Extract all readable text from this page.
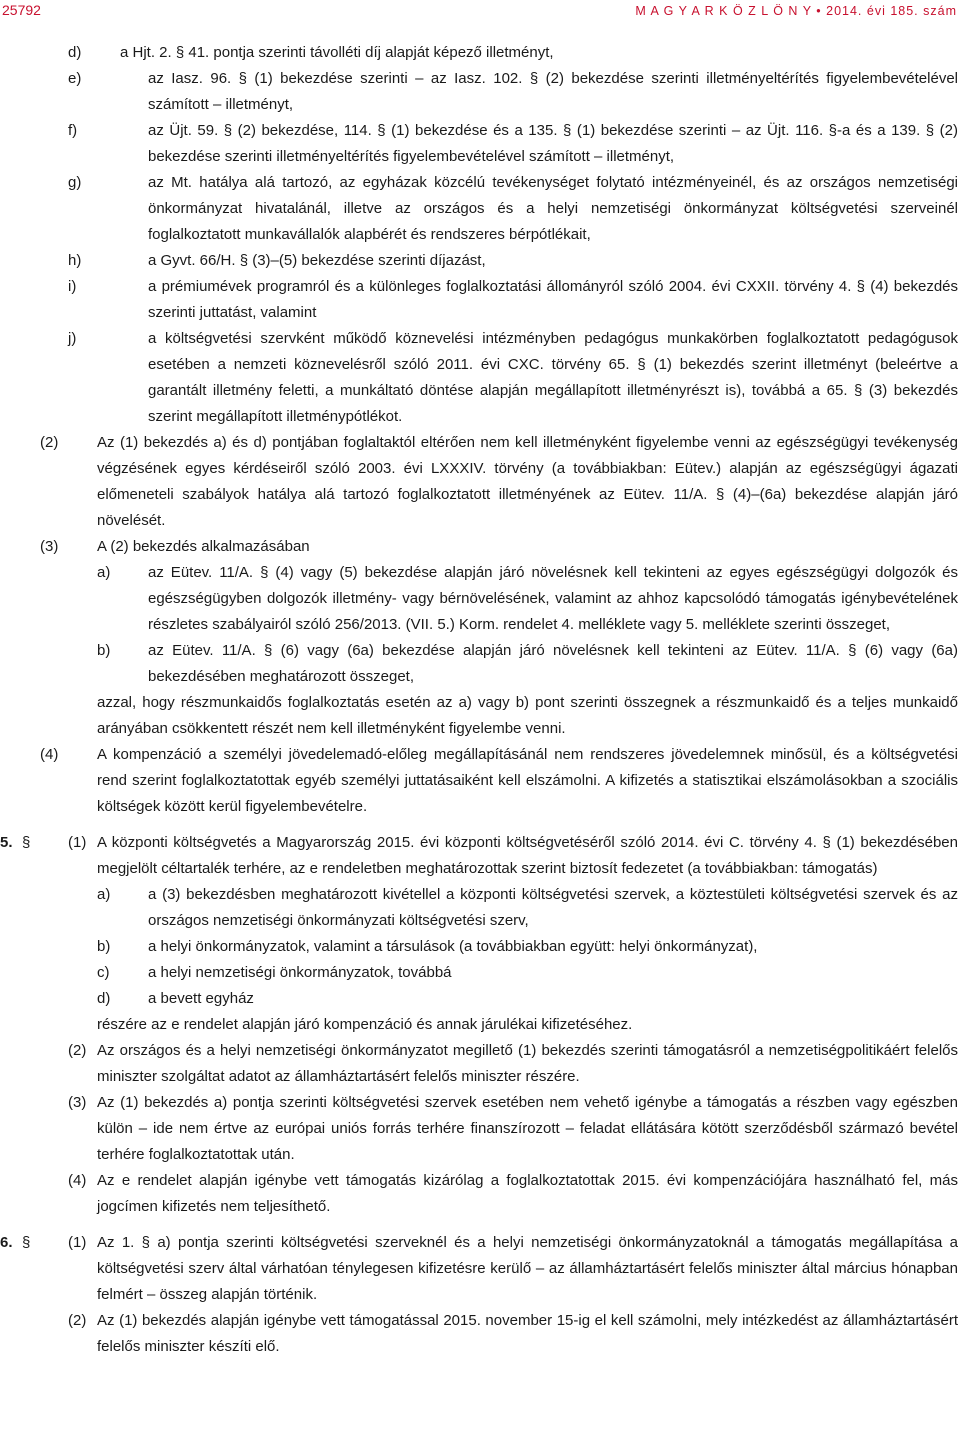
25792	M A G Y A R K Ö Z L Ö N Y • 2014. évi 185. szám
d)	a Hjt. 2. § 41. pontja szerinti távolléti díj alapját képező illetményt,
e)	az Iasz. 96. § (1) bekezdése szerinti – az Iasz. 102. § (2) bekezdése szerinti illetményeltérítés figyelembevételével számított – illetményt,
f)	az Üjt. 59. § (2) bekezdése, 114. § (1) bekezdése és a 135. § (1) bekezdése szerinti – az Üjt. 116. §-a és a 139. § (2) bekezdése szerinti illetményeltérítés figyelembevételével számított – illetményt,
g)	az Mt. hatálya alá tartozó, az egyházak közcélú tevékenységet folytató intézményeinél, és az országos nemzetiségi önkormányzat hivatalánál, illetve az országos és a helyi nemzetiségi önkormányzat költségvetési szerveinél foglalkoztatott munkavállalók alapbérét és rendszeres bérpótlékait,
h)	a Gyvt. 66/H. § (3)–(5) bekezdése szerinti díjazást,
i)	a prémiumévek programról és a különleges foglalkoztatási állományról szóló 2004. évi CXXII. törvény 4. § (4) bekezdés szerinti juttatást, valamint
j)	a költségvetési szervként működő köznevelési intézményben pedagógus munkakörben foglalkoztatott pedagógusok esetében a nemzeti köznevelésről szóló 2011. évi CXC. törvény 65. § (1) bekezdés szerint illetményt (beleértve a garantált illetmény feletti, a munkáltató döntése alapján megállapított illetményrészt is), továbbá a 65. § (3) bekezdés szerint megállapított illetménypótlékot.
(2)	Az (1) bekezdés a) és d) pontjában foglaltaktól eltérően nem kell illetményként figyelembe venni az egészségügyi tevékenység végzésének egyes kérdéseiről szóló 2003. évi LXXXIV. törvény (a továbbiakban: Eütev.) alapján az egészségügyi ágazati előmeneteli szabályok hatálya alá tartozó foglalkoztatott illetményének az Eütev. 11/A. § (4)–(6a) bekezdése alapján járó növelését.
(3)	A (2) bekezdés alkalmazásában
a)	az Eütev. 11/A. § (4) vagy (5) bekezdése alapján járó növelésnek kell tekinteni az egyes egészségügyi dolgozók és egészségügyben dolgozók illetmény- vagy bérnövelésének, valamint az ahhoz kapcsolódó támogatás igénybevételének részletes szabályairól szóló 256/2013. (VII. 5.) Korm. rendelet 4. melléklete vagy 5. melléklete szerinti összeget,
b)	az Eütev. 11/A. § (6) vagy (6a) bekezdése alapján járó növelésnek kell tekinteni az Eütev. 11/A. § (6) vagy (6a) bekezdésében meghatározott összeget,
azzal, hogy részmunkaidős foglalkoztatás esetén az a) vagy b) pont szerinti összegnek a részmunkaidő és a teljes munkaidő arányában csökkentett részét nem kell illetményként figyelembe venni.
(4)	A kompenzáció a személyi jövedelemadó-előleg megállapításánál nem rendszeres jövedelemnek minősül, és a költségvetési rend szerint foglalkoztatottak egyéb személyi juttatásaiként kell elszámolni. A kifizetés a statisztikai elszámolásokban a szociális költségek között kerül figyelembevételre.
5. §	(1) A központi költségvetés a Magyarország 2015. évi központi költségvetéséről szóló 2014. évi C. törvény 4. § (1) bekezdésében megjelölt céltartalék terhére, az e rendeletben meghatározottak szerint biztosít fedezetet (a továbbiakban: támogatás)
a)	a (3) bekezdésben meghatározott kivétellel a központi költségvetési szervek, a köztestületi költségvetési szervek és az országos nemzetiségi önkormányzati költségvetési szerv,
b)	a helyi önkormányzatok, valamint a társulások (a továbbiakban együtt: helyi önkormányzat),
c)	a helyi nemzetiségi önkormányzatok, továbbá
d)	a bevett egyház
részére az e rendelet alapján járó kompenzáció és annak járulékai kifizetéséhez.
(2) Az országos és a helyi nemzetiségi önkormányzatot megillető (1) bekezdés szerinti támogatásról a nemzetiségpolitikáért felelős miniszter szolgáltat adatot az államháztartásért felelős miniszter részére.
(3) Az (1) bekezdés a) pontja szerinti költségvetési szervek esetében nem vehető igénybe a támogatás a részben vagy egészben külön – ide nem értve az európai uniós forrás terhére finanszírozott – feladat ellátására kötött szerződésből származó bevétel terhére foglalkoztatottak után.
(4) Az e rendelet alapján igénybe vett támogatás kizárólag a foglalkoztatottak 2015. évi kompenzációjára használható fel, más jogcímen kifizetés nem teljesíthető.
6. §	(1) Az 1. § a) pontja szerinti költségvetési szerveknél és a helyi nemzetiségi önkormányzatoknál a támogatás megállapítása a költségvetési szerv által várhatóan ténylegesen kifizetésre kerülő – az államháztartásért felelős miniszter által március hónapban felmért – összeg alapján történik.
(2) Az (1) bekezdés alapján igénybe vett támogatással 2015. november 15-ig el kell számolni, mely intézkedést az államháztartásért felelős miniszter készíti elő.
